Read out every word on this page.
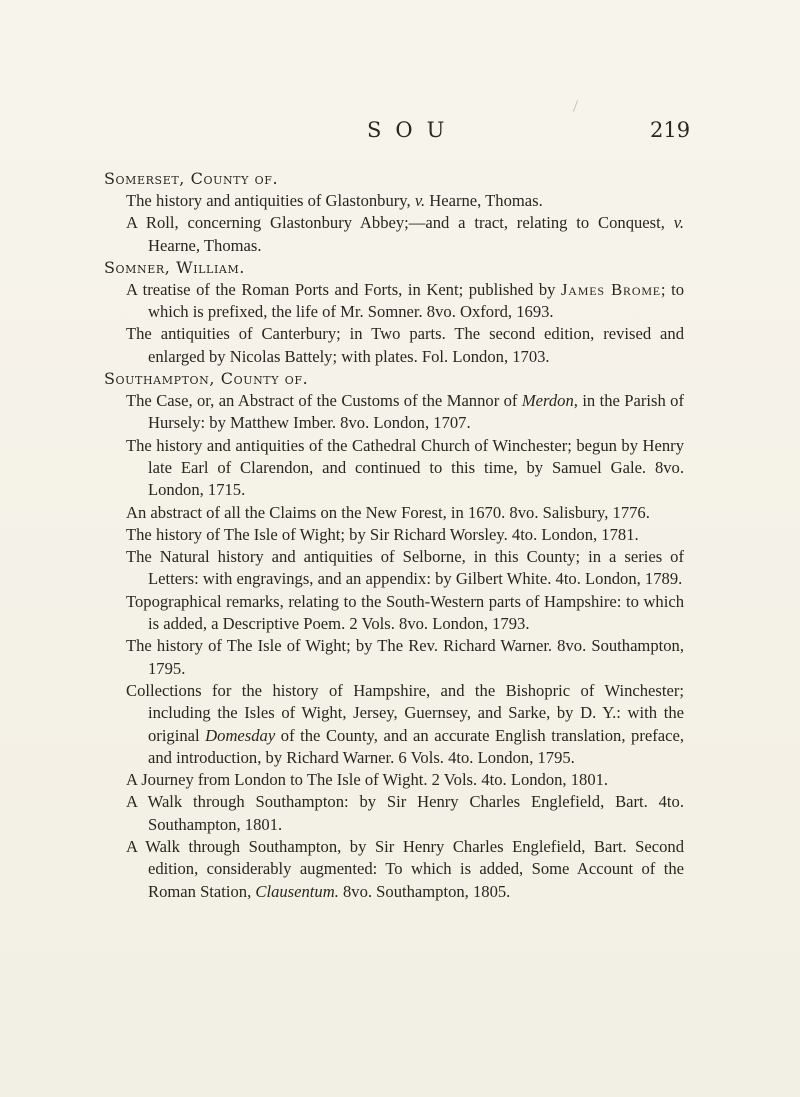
SOU	219
Somerset, County of.
The history and antiquities of Glastonbury, v. Hearne, Thomas.
A Roll, concerning Glastonbury Abbey;—and a tract, relating to Conquest, v. Hearne, Thomas.
Somner, William.
A treatise of the Roman Ports and Forts, in Kent; published by James Brome; to which is prefixed, the life of Mr. Somner. 8vo. Oxford, 1693.
The antiquities of Canterbury; in Two parts. The second edition, revised and enlarged by Nicolas Battely; with plates. Fol. London, 1703.
Southampton, County of.
The Case, or, an Abstract of the Customs of the Mannor of Merdon, in the Parish of Hursely: by Matthew Imber. 8vo. London, 1707.
The history and antiquities of the Cathedral Church of Winchester; begun by Henry late Earl of Clarendon, and continued to this time, by Samuel Gale. 8vo. London, 1715.
An abstract of all the Claims on the New Forest, in 1670. 8vo. Salisbury, 1776.
The history of The Isle of Wight; by Sir Richard Worsley. 4to. London, 1781.
The Natural history and antiquities of Selborne, in this County; in a series of Letters: with engravings, and an appendix: by Gilbert White. 4to. London, 1789.
Topographical remarks, relating to the South-Western parts of Hampshire: to which is added, a Descriptive Poem. 2 Vols. 8vo. London, 1793.
The history of The Isle of Wight; by The Rev. Richard Warner. 8vo. Southampton, 1795.
Collections for the history of Hampshire, and the Bishopric of Winchester; including the Isles of Wight, Jersey, Guernsey, and Sarke, by D. Y.: with the original Domesday of the County, and an accurate English translation, preface, and introduction, by Richard Warner. 6 Vols. 4to. London, 1795.
A Journey from London to The Isle of Wight. 2 Vols. 4to. London, 1801.
A Walk through Southampton: by Sir Henry Charles Englefield, Bart. 4to. Southampton, 1801.
A Walk through Southampton, by Sir Henry Charles Englefield, Bart. Second edition, considerably augmented: To which is added, Some Account of the Roman Station, Clausentum. 8vo. Southampton, 1805.
